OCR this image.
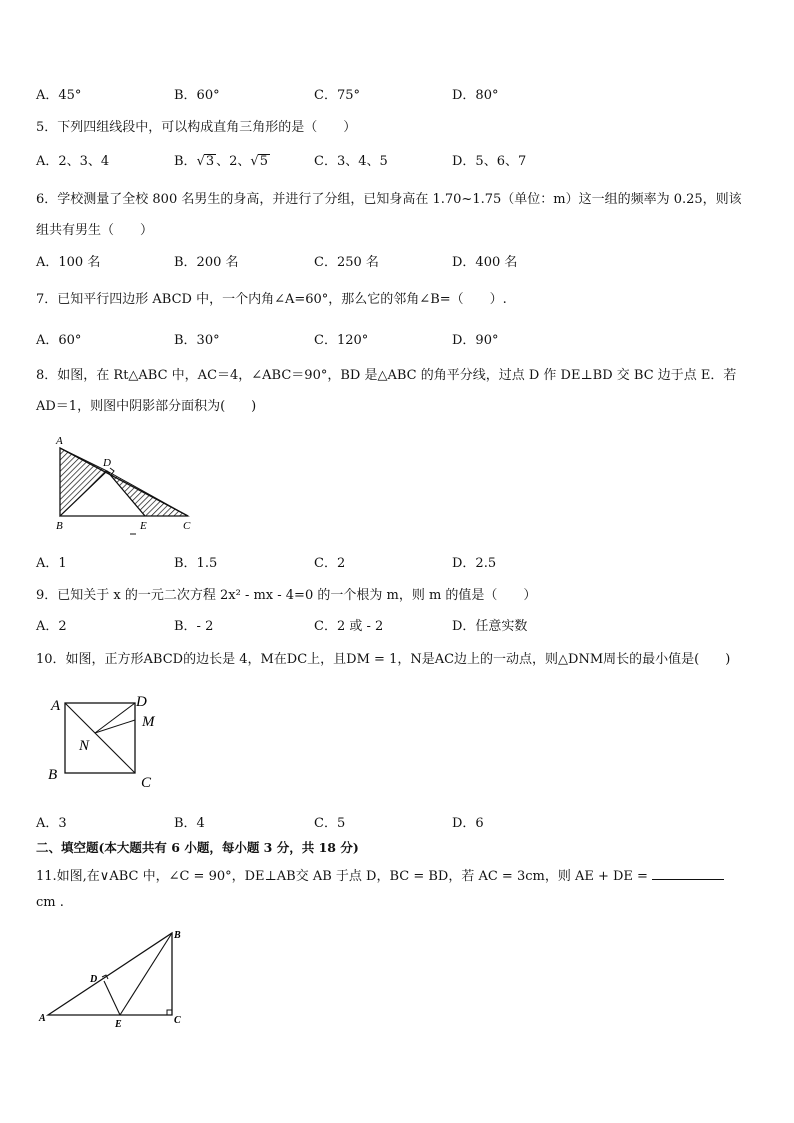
A．45°	B．60°	C．75°	D．80°
5．下列四组线段中，可以构成直角三角形的是（　　）
A．2、3、4	B．√3 、2、√5	C．3、4、5	D．5、6、7
6．学校测量了全校 800 名男生的身高，并进行了分组，已知身高在 1.70~1.75（单位：m）这一组的频率为 0.25，则该
组共有男生（　　）
A．100 名	B．200 名	C．250 名	D．400 名
7．已知平行四边形 ABCD 中，一个内角∠A=60°，那么它的邻角∠B=（　　）.
A．60°	B．30°	C．120°	D．90°
8．如图，在 Rt△ABC 中，AC＝4，∠ABC＝90°，BD 是△ABC 的角平分线，过点 D 作 DE⊥BD 交 BC 边于点 E．若
AD＝1，则图中阴影部分面积为(　　)
A
D
B	E	C
A．1	B．1.5	C．2	D．2.5
9．已知关于 x 的一元二次方程 2x² - mx - 4=0 的一个根为 m，则 m 的值是（　　）
A．2	B．- 2	C．2 或 - 2	D．任意实数
10．如图，正方形ABCD的边长是 4，M在DC上，且DM = 1，N是AC边上的一动点，则△DNM周长的最小值是(　　)
A	D
M
N
B	C
A．3	B．4	C．5	D．6
二、填空题(本大题共有 6 小题，每小题 3 分，共 18 分)
11.如图,在∨ABC 中，∠C = 90°，DE⊥AB交 AB 于点 D，BC = BD，若 AC = 3cm，则 AE + DE =
cm .
B
D
A
E	C
